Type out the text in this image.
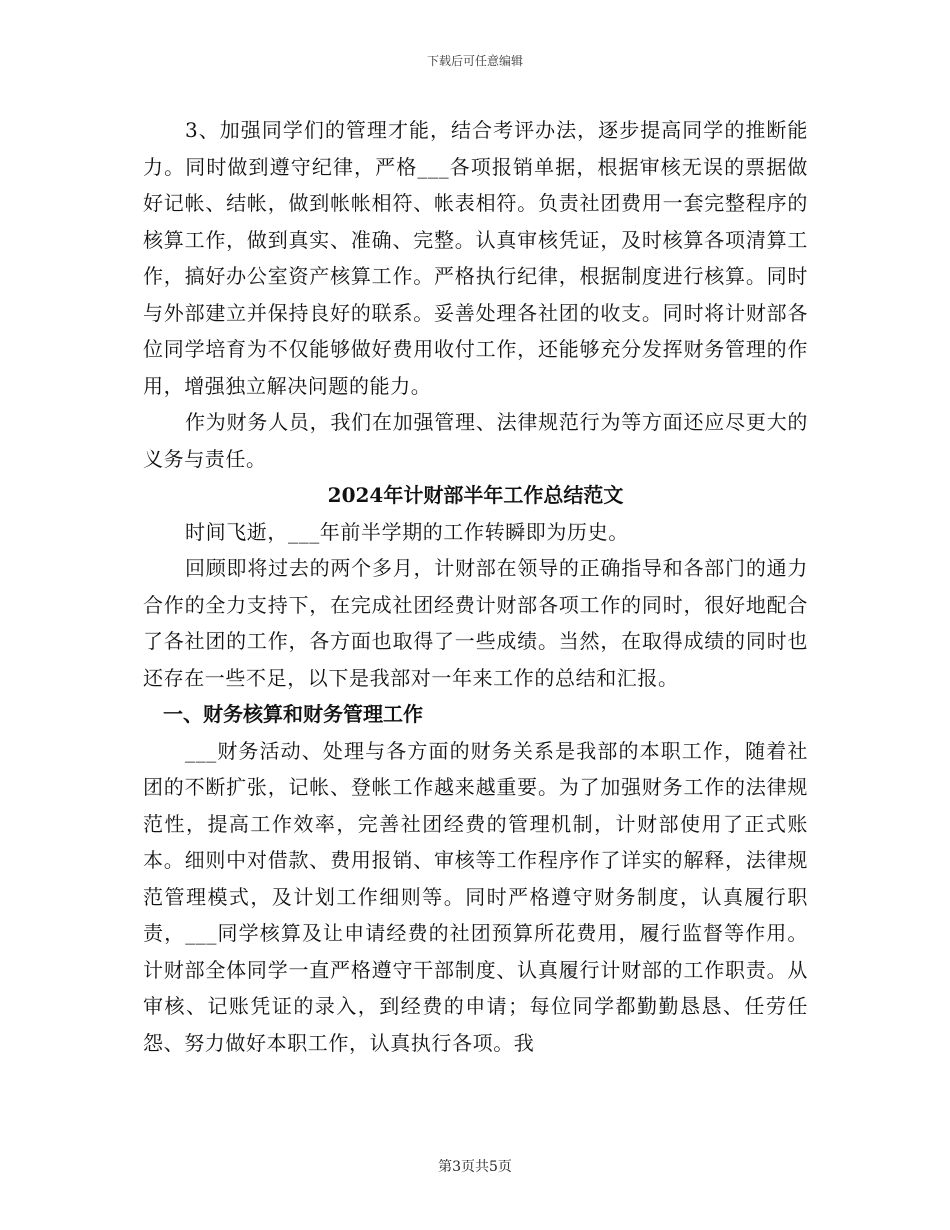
下载后可任意编辑

3、加强同学们的管理才能，结合考评办法，逐步提高同学的推断能力。同时做到遵守纪律，严格___各项报销单据，根据审核无误的票据做好记帐、结帐，做到帐帐相符、帐表相符。负责社团费用一套完整程序的核算工作，做到真实、准确、完整。认真审核凭证，及时核算各项清算工作，搞好办公室资产核算工作。严格执行纪律，根据制度进行核算。同时与外部建立并保持良好的联系。妥善处理各社团的收支。同时将计财部各位同学培育为不仅能够做好费用收付工作，还能够充分发挥财务管理的作用，增强独立解决问题的能力。

作为财务人员，我们在加强管理、法律规范行为等方面还应尽更大的义务与责任。

2024年计财部半年工作总结范文

时间飞逝，___年前半学期的工作转瞬即为历史。

回顾即将过去的两个多月，计财部在领导的正确指导和各部门的通力合作的全力支持下，在完成社团经费计财部各项工作的同时，很好地配合了各社团的工作，各方面也取得了一些成绩。当然，在取得成绩的同时也还存在一些不足，以下是我部对一年来工作的总结和汇报。

一、财务核算和财务管理工作

___财务活动、处理与各方面的财务关系是我部的本职工作，随着社团的不断扩张，记帐、登帐工作越来越重要。为了加强财务工作的法律规范性，提高工作效率，完善社团经费的管理机制，计财部使用了正式账本。细则中对借款、费用报销、审核等工作程序作了详实的解释，法律规范管理模式，及计划工作细则等。同时严格遵守财务制度，认真履行职责，___同学核算及让申请经费的社团预算所花费用，履行监督等作用。计财部全体同学一直严格遵守干部制度、认真履行计财部的工作职责。从审核、记账凭证的录入，到经费的申请；每位同学都勤勤恳恳、任劳任怨、努力做好本职工作，认真执行各项。我

第3页共5页
